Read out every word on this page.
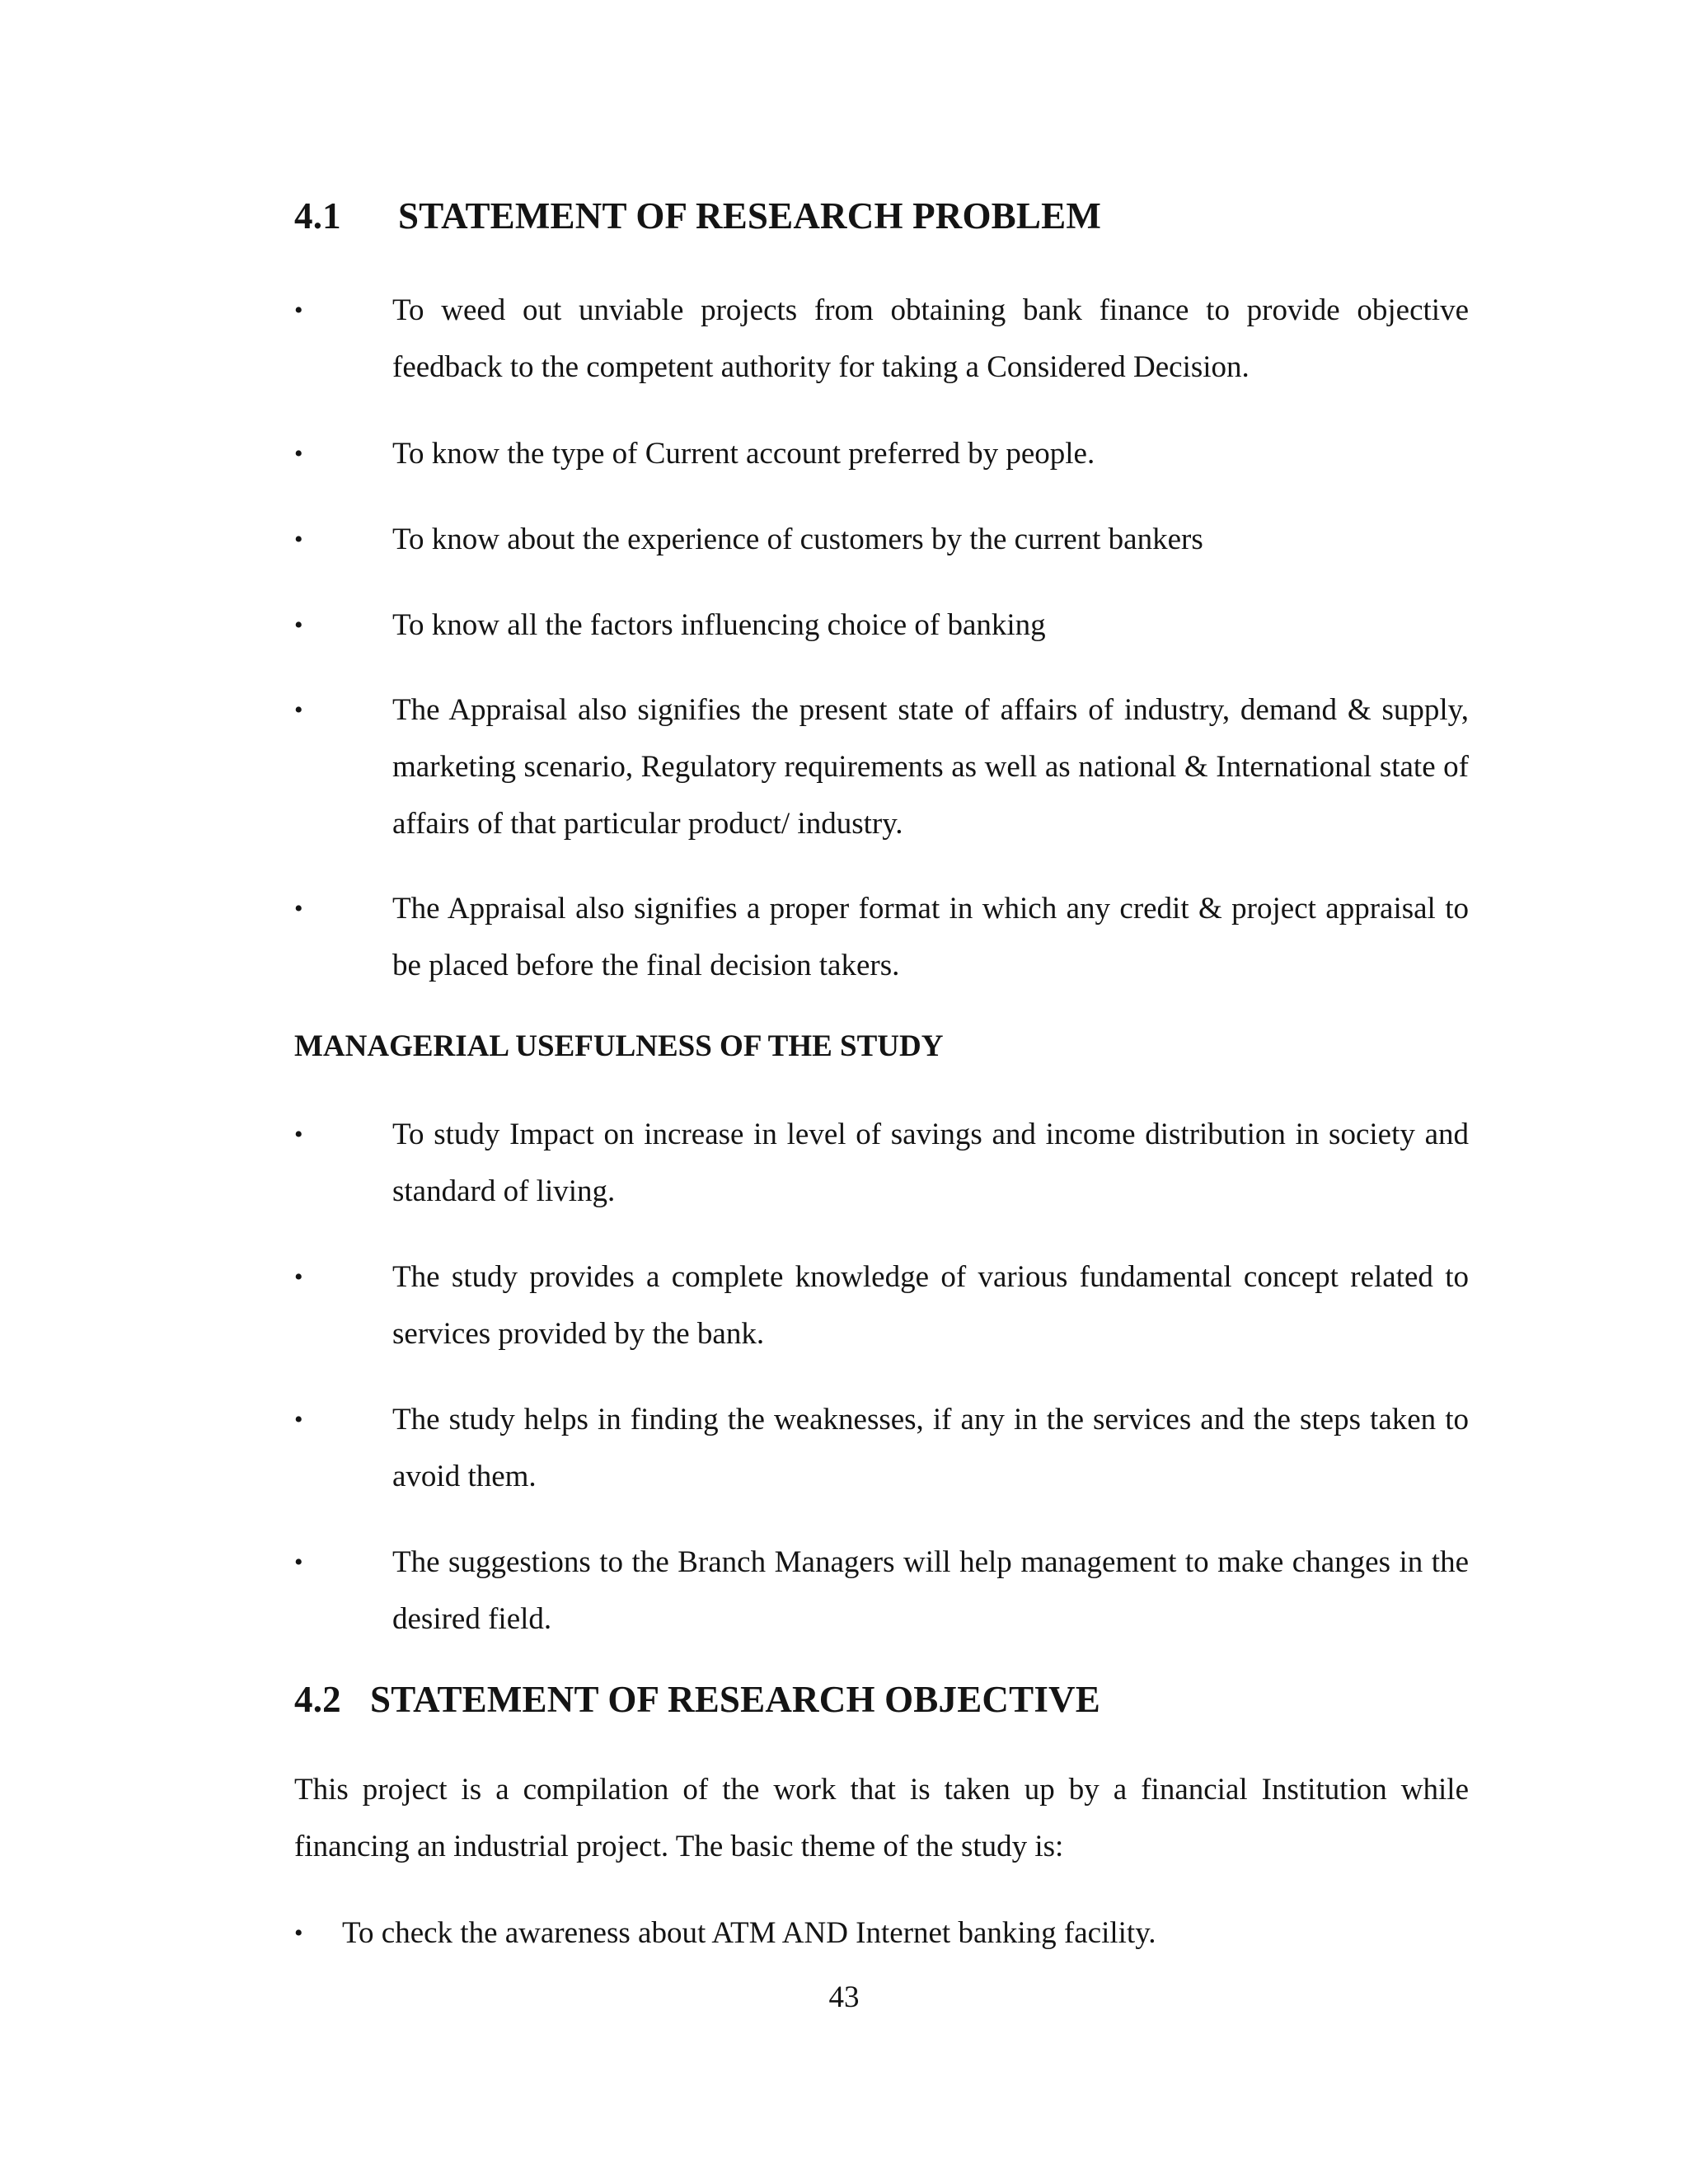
4.1 STATEMENT OF RESEARCH PROBLEM
•	To weed out unviable projects from obtaining bank finance to provide objective feedback to the competent authority for taking a Considered Decision.
•	To know the type of Current account preferred by people.
•	To know about the experience of customers by the current bankers
•	To know all the factors influencing choice of banking
•	The Appraisal also signifies the present state of affairs of industry, demand & supply, marketing scenario, Regulatory requirements as well as national & International state of affairs of that particular product/ industry.
•	The Appraisal also signifies a proper format in which any credit & project appraisal to be placed before the final decision takers.
MANAGERIAL USEFULNESS OF THE STUDY
•	To study Impact on increase in level of savings and income distribution in society and standard of living.
•	The study provides a complete knowledge of various fundamental concept related to services provided by the bank.
•	The study helps in finding the weaknesses, if any in the services and the steps taken to avoid them.
•	The suggestions to the Branch Managers will help management to make changes in the desired field.
4.2 STATEMENT OF RESEARCH OBJECTIVE
This project is a compilation of the work that is taken up by a financial Institution while financing an industrial project. The basic theme of the study is:
• To check the awareness about ATM AND Internet banking facility.
43
